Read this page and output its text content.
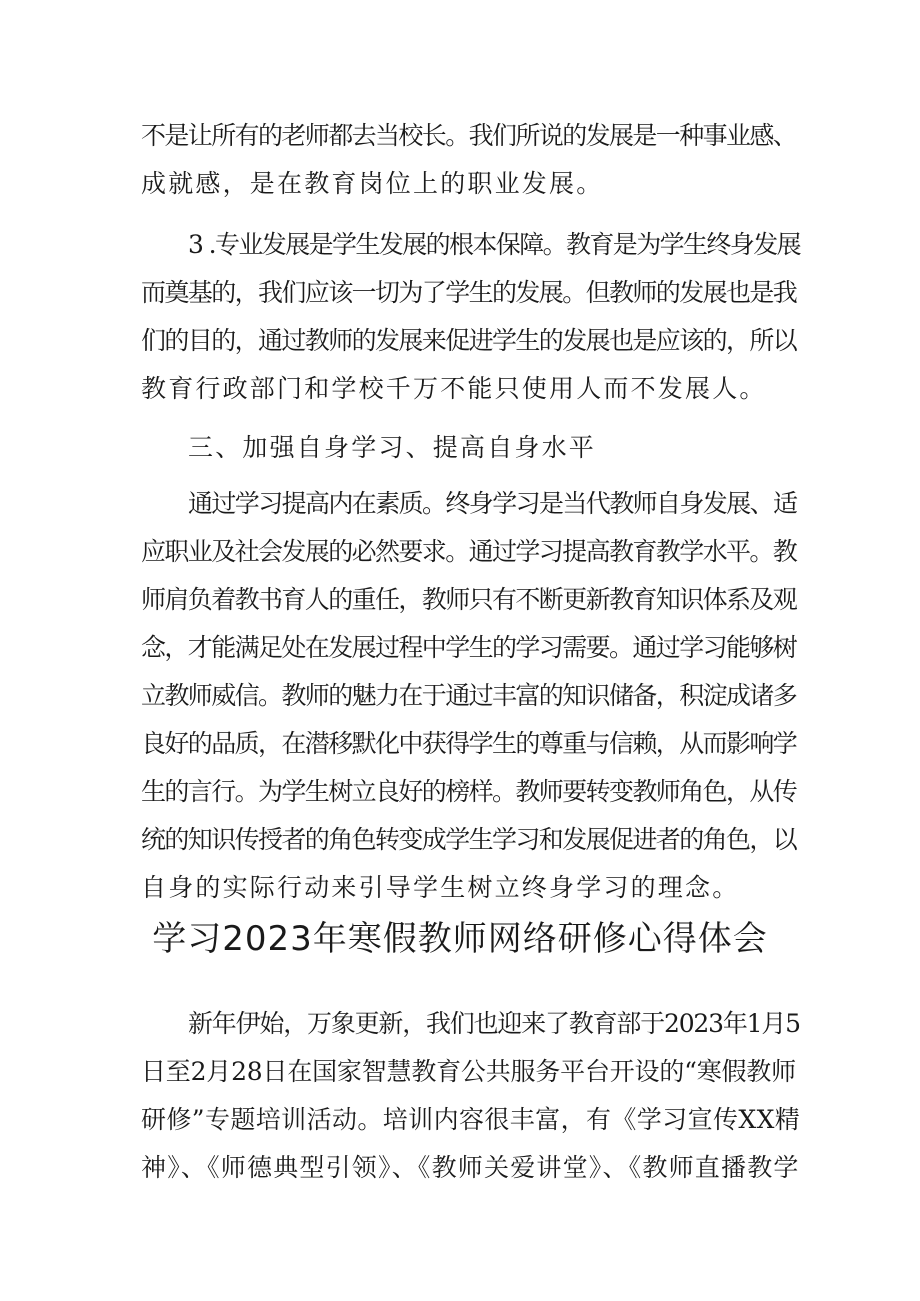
不是让所有的老师都去当校长。我们所说的发展是一种事业感、
成就感，是在教育岗位上的职业发展。
3 .专业发展是学生发展的根本保障。教育是为学生终身发展
而奠基的，我们应该一切为了学生的发展。但教师的发展也是我
们的目的，通过教师的发展来促进学生的发展也是应该的，所以
教育行政部门和学校千万不能只使用人而不发展人。
三、加强自身学习、提高自身水平
通过学习提高内在素质。终身学习是当代教师自身发展、适
应职业及社会发展的必然要求。通过学习提高教育教学水平。教
师肩负着教书育人的重任，教师只有不断更新教育知识体系及观
念，才能满足处在发展过程中学生的学习需要。通过学习能够树
立教师威信。教师的魅力在于通过丰富的知识储备，积淀成诸多
良好的品质，在潜移默化中获得学生的尊重与信赖，从而影响学
生的言行。为学生树立良好的榜样。教师要转变教师角色，从传
统的知识传授者的角色转变成学生学习和发展促进者的角色，以
自身的实际行动来引导学生树立终身学习的理念。
学习2023年寒假教师网络研修心得体会
新年伊始，万象更新，我们也迎来了教育部于2023年1月5
日至2月28日在国家智慧教育公共服务平台开设的“寒假教师
研修”专题培训活动。培训内容很丰富，有《学习宣传XX精
神》、《师德典型引领》、《教师关爱讲堂》、《教师直播教学
